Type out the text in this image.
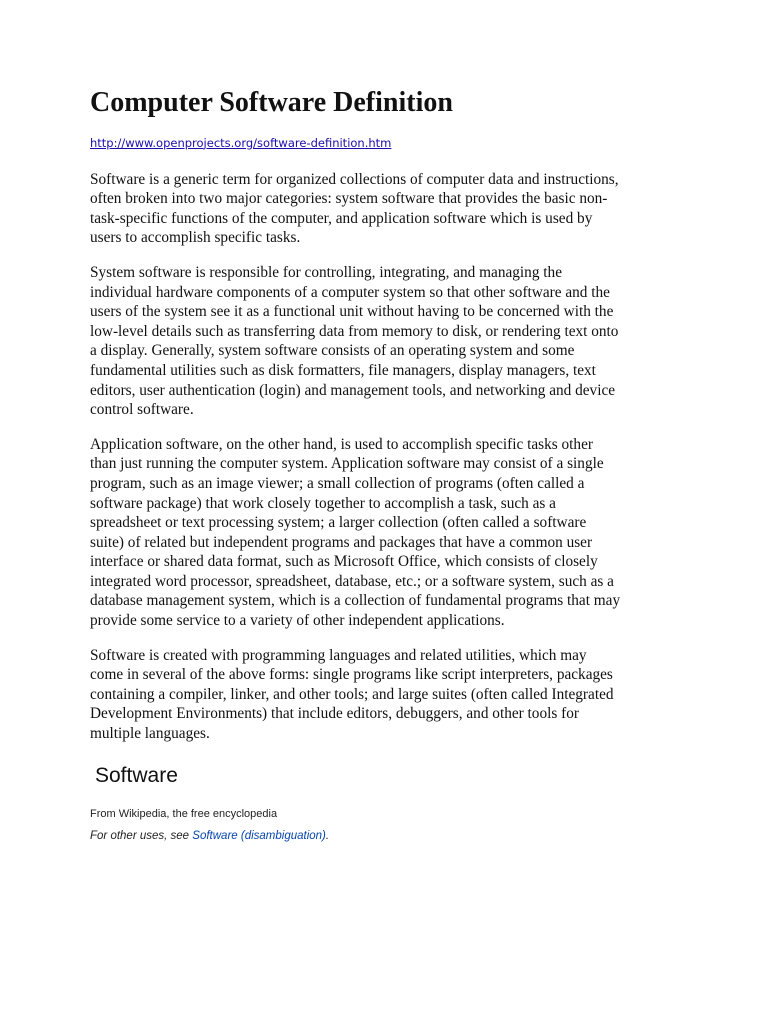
Computer Software Definition
http://www.openprojects.org/software-definition.htm

Software is a generic term for organized collections of computer data and instructions,
often broken into two major categories: system software that provides the basic non-
task-specific functions of the computer, and application software which is used by
users to accomplish specific tasks.

System software is responsible for controlling, integrating, and managing the
individual hardware components of a computer system so that other software and the
users of the system see it as a functional unit without having to be concerned with the
low-level details such as transferring data from memory to disk, or rendering text onto
a display. Generally, system software consists of an operating system and some
fundamental utilities such as disk formatters, file managers, display managers, text
editors, user authentication (login) and management tools, and networking and device
control software.

Application software, on the other hand, is used to accomplish specific tasks other
than just running the computer system. Application software may consist of a single
program, such as an image viewer; a small collection of programs (often called a
software package) that work closely together to accomplish a task, such as a
spreadsheet or text processing system; a larger collection (often called a software
suite) of related but independent programs and packages that have a common user
interface or shared data format, such as Microsoft Office, which consists of closely
integrated word processor, spreadsheet, database, etc.; or a software system, such as a
database management system, which is a collection of fundamental programs that may
provide some service to a variety of other independent applications.

Software is created with programming languages and related utilities, which may
come in several of the above forms: single programs like script interpreters, packages
containing a compiler, linker, and other tools; and large suites (often called Integrated
Development Environments) that include editors, debuggers, and other tools for
multiple languages.

Software

From Wikipedia, the free encyclopedia

For other uses, see Software (disambiguation).
